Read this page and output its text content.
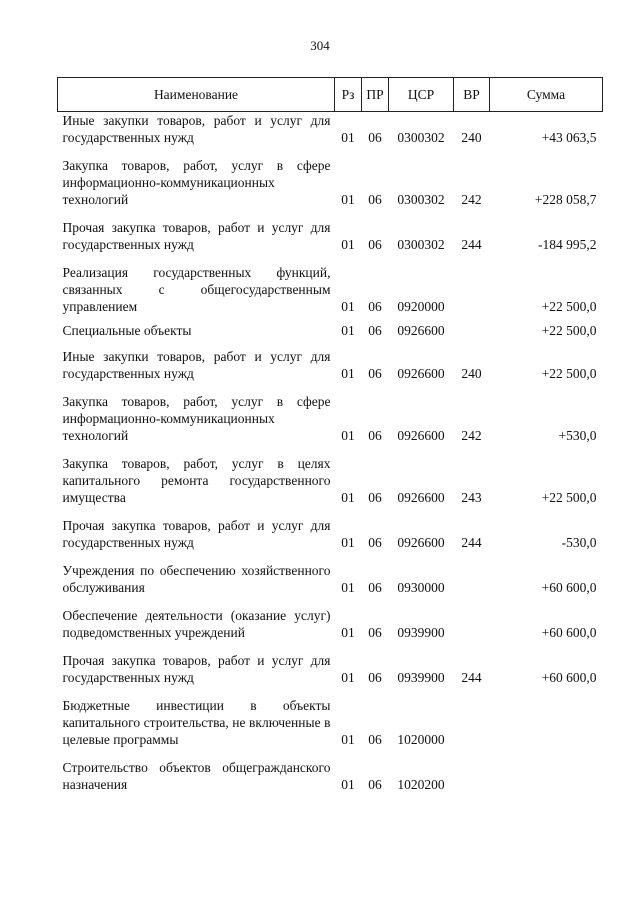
304
Наименование	Рз	ПР	ЦСР	ВР	Сумма
Иные закупки товаров, работ и услуг для государственных нужд	01	06	0300302	240	+43 063,5
Закупка товаров, работ, услуг в сфере информационно-коммуникационных технологий	01	06	0300302	242	+228 058,7
Прочая закупка товаров, работ и услуг для государственных нужд	01	06	0300302	244	-184 995,2
Реализация государственных функций, связанных с общегосударственным управлением	01	06	0920000		+22 500,0
Специальные объекты	01	06	0926600		+22 500,0
Иные закупки товаров, работ и услуг для государственных нужд	01	06	0926600	240	+22 500,0
Закупка товаров, работ, услуг в сфере информационно-коммуникационных технологий	01	06	0926600	242	+530,0
Закупка товаров, работ, услуг в целях капитального ремонта государственного имущества	01	06	0926600	243	+22 500,0
Прочая закупка товаров, работ и услуг для государственных нужд	01	06	0926600	244	-530,0
Учреждения по обеспечению хозяйственного обслуживания	01	06	0930000		+60 600,0
Обеспечение деятельности (оказание услуг) подведомственных учреждений	01	06	0939900		+60 600,0
Прочая закупка товаров, работ и услуг для государственных нужд	01	06	0939900	244	+60 600,0
Бюджетные инвестиции в объекты капитального строительства, не включенные в целевые программы	01	06	1020000		
Строительство объектов общегражданского назначения	01	06	1020200		
